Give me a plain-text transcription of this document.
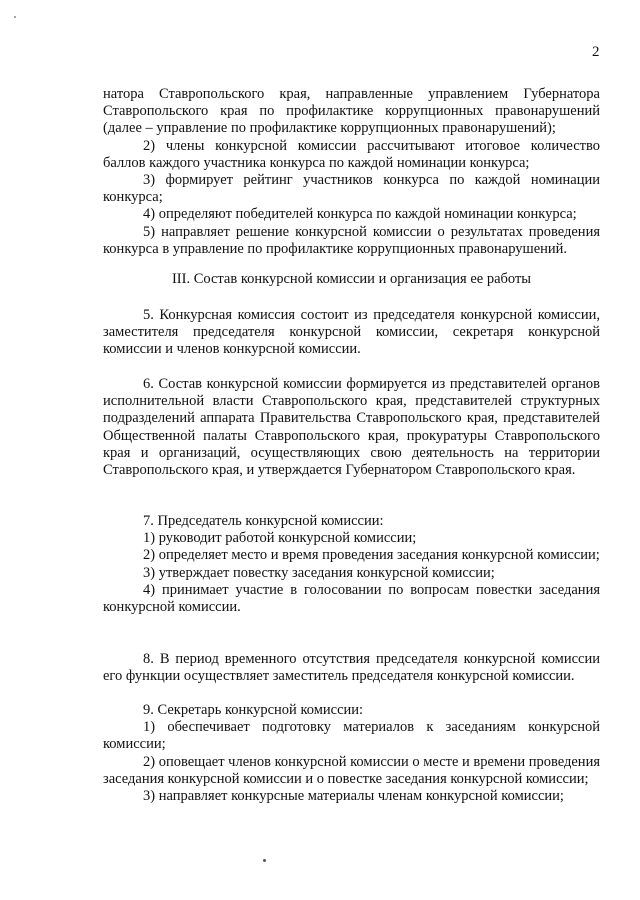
2

натора Ставропольского края, направленные управлением Губернатора Ставропольского края по профилактике коррупционных правонарушений (далее – управление по профилактике коррупционных правонарушений);

2) члены конкурсной комиссии рассчитывают итоговое количество баллов каждого участника конкурса по каждой номинации конкурса;

3) формирует рейтинг участников конкурса по каждой номинации конкурса;

4) определяют победителей конкурса по каждой номинации конкурса;

5) направляет решение конкурсной комиссии о результатах проведения конкурса в управление по профилактике коррупционных правонарушений.

III. Состав конкурсной комиссии и организация ее работы

5. Конкурсная комиссия состоит из председателя конкурсной комиссии, заместителя председателя конкурсной комиссии, секретаря конкурсной комиссии и членов конкурсной комиссии.

6. Состав конкурсной комиссии формируется из представителей органов исполнительной власти Ставропольского края, представителей структурных подразделений аппарата Правительства Ставропольского края, представителей Общественной палаты Ставропольского края, прокуратуры Ставропольского края и организаций, осуществляющих свою деятельность на территории Ставропольского края, и утверждается Губернатором Ставропольского края.

7. Председатель конкурсной комиссии:

1) руководит работой конкурсной комиссии;

2) определяет место и время проведения заседания конкурсной комиссии;

3) утверждает повестку заседания конкурсной комиссии;

4) принимает участие в голосовании по вопросам повестки заседания конкурсной комиссии.

8. В период временного отсутствия председателя конкурсной комиссии его функции осуществляет заместитель председателя конкурсной комиссии.

9. Секретарь конкурсной комиссии:

1) обеспечивает подготовку материалов к заседаниям конкурсной комиссии;

2) оповещает членов конкурсной комиссии о месте и времени проведения заседания конкурсной комиссии и о повестке заседания конкурсной комиссии;

3) направляет конкурсные материалы членам конкурсной комиссии;
